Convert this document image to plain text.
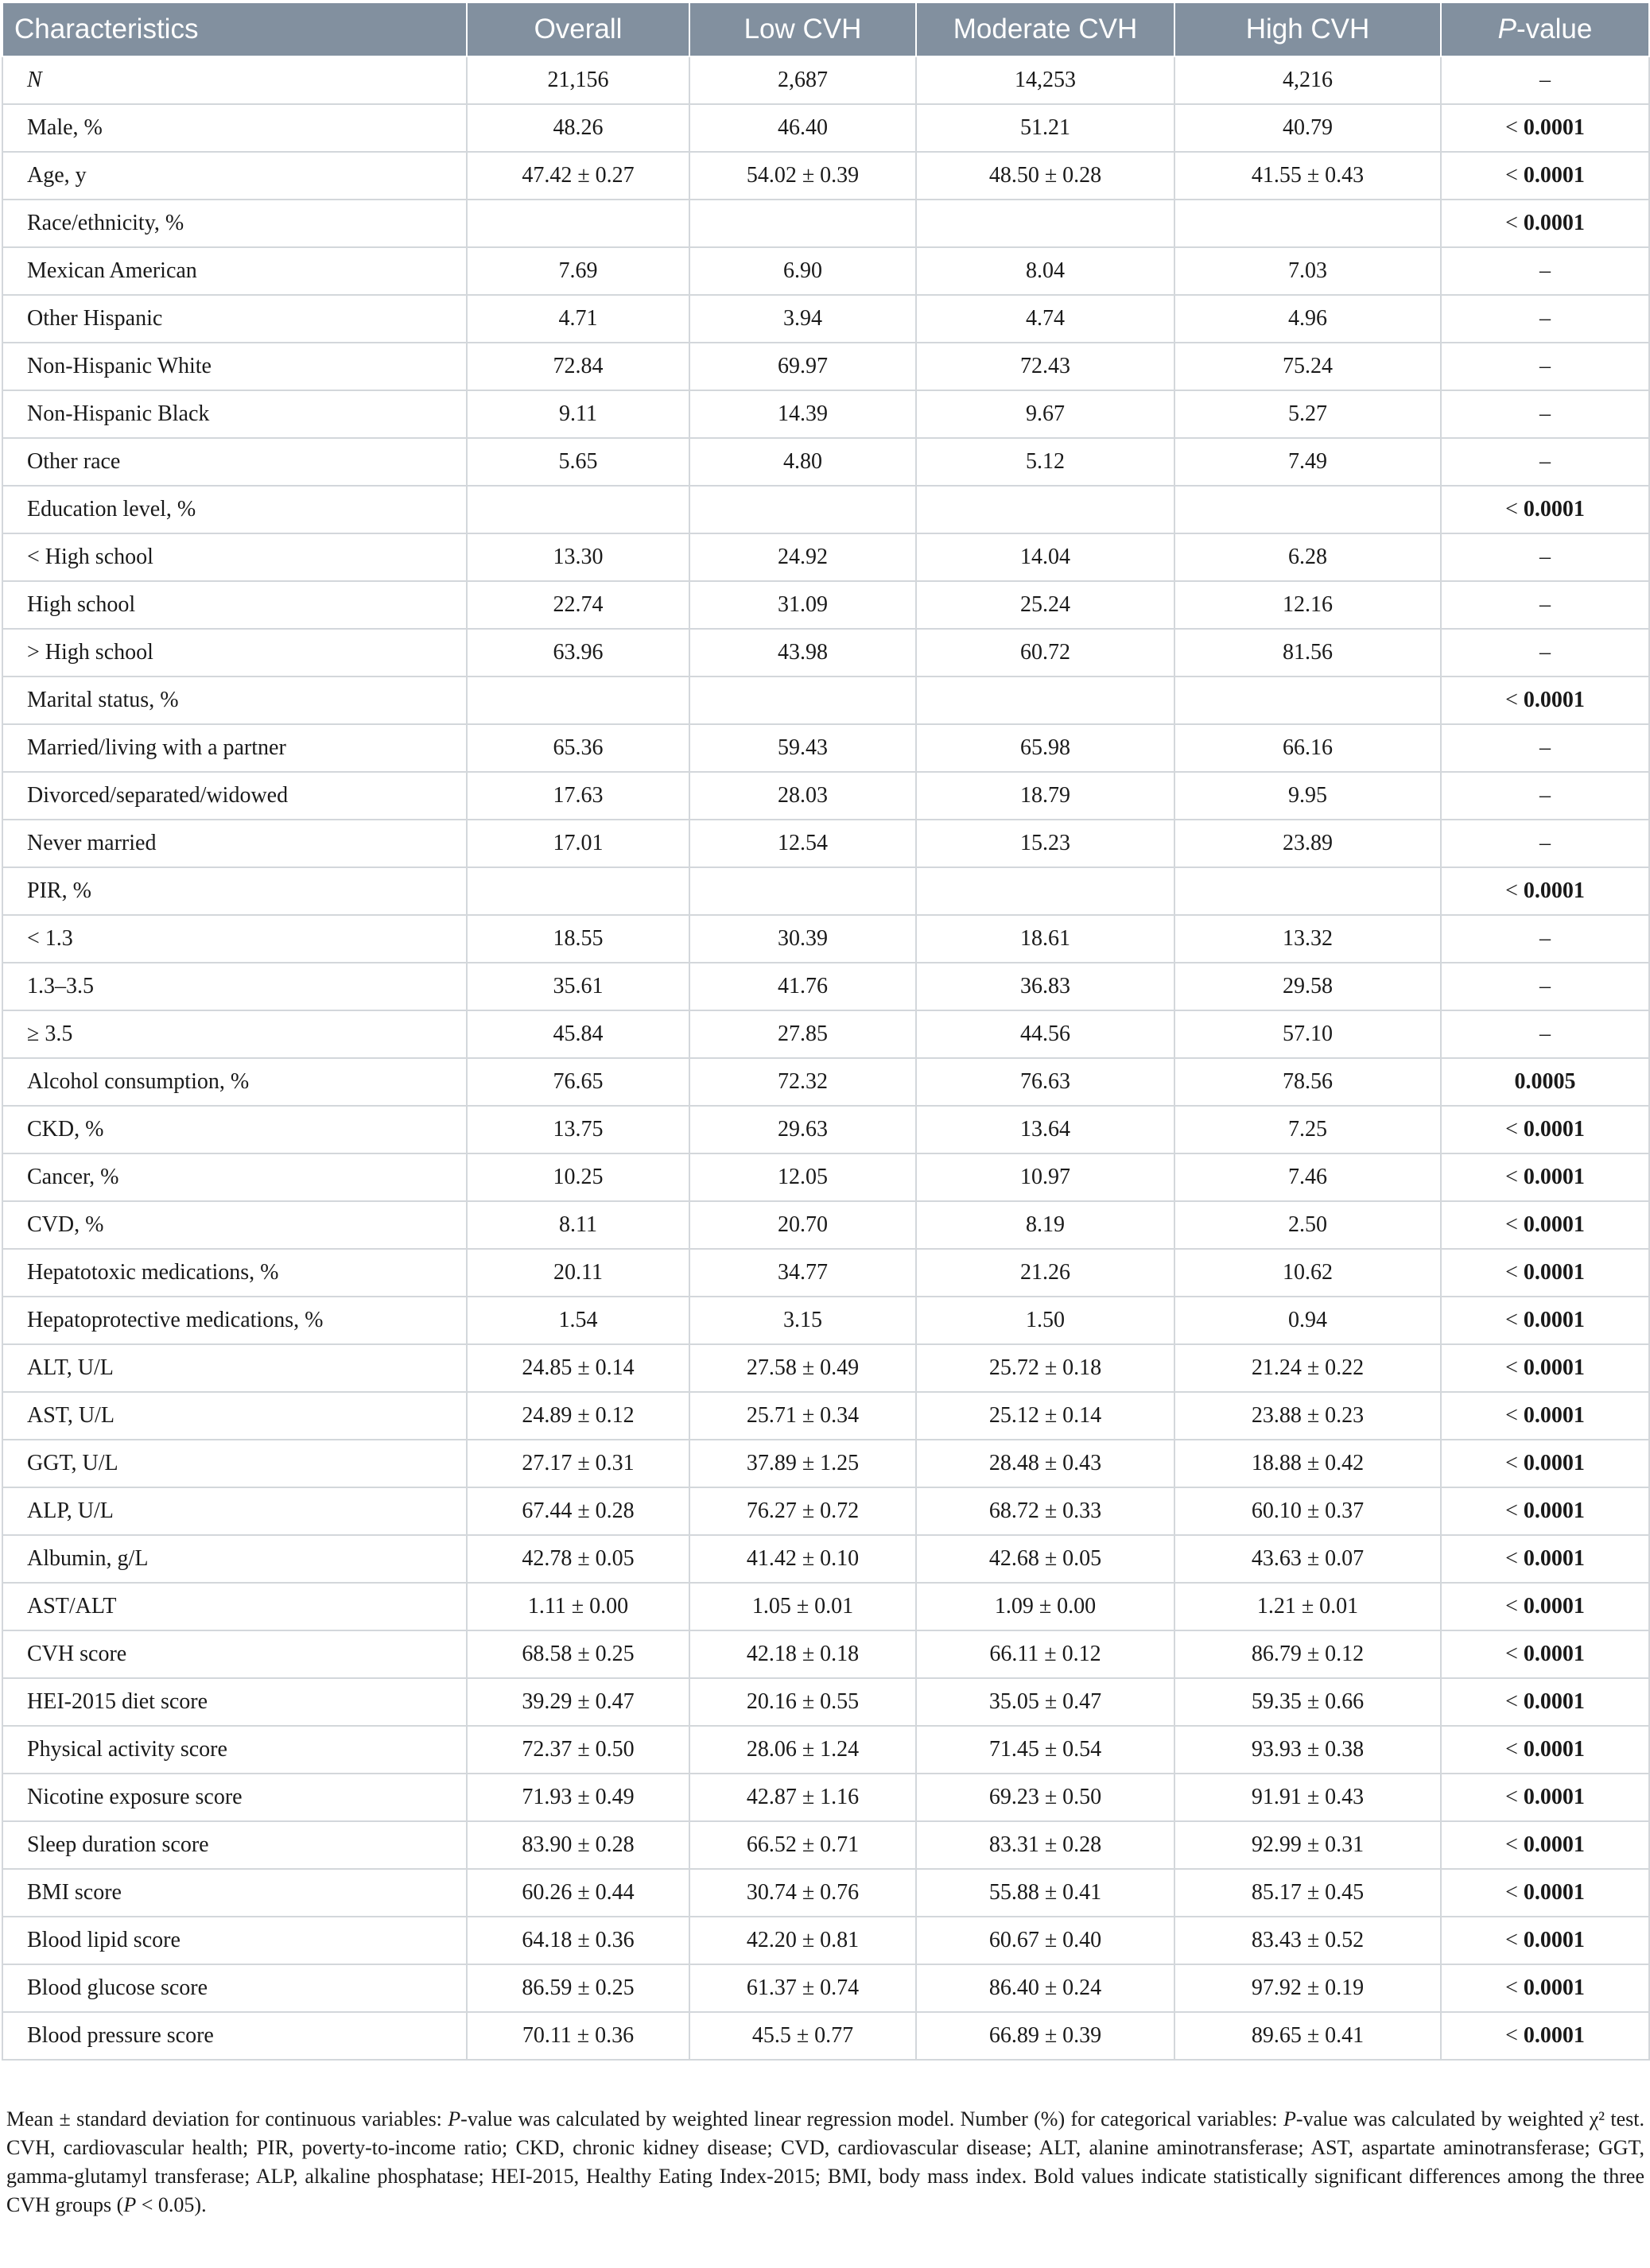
Characteristics	Overall	Low CVH	Moderate CVH	High CVH	P-value
N	21,156	2,687	14,253	4,216	–
Male, %	48.26	46.40	51.21	40.79	< 0.0001
Age, y	47.42 ± 0.27	54.02 ± 0.39	48.50 ± 0.28	41.55 ± 0.43	< 0.0001
Race/ethnicity, %					< 0.0001
Mexican American	7.69	6.90	8.04	7.03	–
Other Hispanic	4.71	3.94	4.74	4.96	–
Non-Hispanic White	72.84	69.97	72.43	75.24	–
Non-Hispanic Black	9.11	14.39	9.67	5.27	–
Other race	5.65	4.80	5.12	7.49	–
Education level, %					< 0.0001
< High school	13.30	24.92	14.04	6.28	–
High school	22.74	31.09	25.24	12.16	–
> High school	63.96	43.98	60.72	81.56	–
Marital status, %					< 0.0001
Married/living with a partner	65.36	59.43	65.98	66.16	–
Divorced/separated/widowed	17.63	28.03	18.79	9.95	–
Never married	17.01	12.54	15.23	23.89	–
PIR, %					< 0.0001
< 1.3	18.55	30.39	18.61	13.32	–
1.3–3.5	35.61	41.76	36.83	29.58	–
≥ 3.5	45.84	27.85	44.56	57.10	–
Alcohol consumption, %	76.65	72.32	76.63	78.56	0.0005
CKD, %	13.75	29.63	13.64	7.25	< 0.0001
Cancer, %	10.25	12.05	10.97	7.46	< 0.0001
CVD, %	8.11	20.70	8.19	2.50	< 0.0001
Hepatotoxic medications, %	20.11	34.77	21.26	10.62	< 0.0001
Hepatoprotective medications, %	1.54	3.15	1.50	0.94	< 0.0001
ALT, U/L	24.85 ± 0.14	27.58 ± 0.49	25.72 ± 0.18	21.24 ± 0.22	< 0.0001
AST, U/L	24.89 ± 0.12	25.71 ± 0.34	25.12 ± 0.14	23.88 ± 0.23	< 0.0001
GGT, U/L	27.17 ± 0.31	37.89 ± 1.25	28.48 ± 0.43	18.88 ± 0.42	< 0.0001
ALP, U/L	67.44 ± 0.28	76.27 ± 0.72	68.72 ± 0.33	60.10 ± 0.37	< 0.0001
Albumin, g/L	42.78 ± 0.05	41.42 ± 0.10	42.68 ± 0.05	43.63 ± 0.07	< 0.0001
AST/ALT	1.11 ± 0.00	1.05 ± 0.01	1.09 ± 0.00	1.21 ± 0.01	< 0.0001
CVH score	68.58 ± 0.25	42.18 ± 0.18	66.11 ± 0.12	86.79 ± 0.12	< 0.0001
HEI-2015 diet score	39.29 ± 0.47	20.16 ± 0.55	35.05 ± 0.47	59.35 ± 0.66	< 0.0001
Physical activity score	72.37 ± 0.50	28.06 ± 1.24	71.45 ± 0.54	93.93 ± 0.38	< 0.0001
Nicotine exposure score	71.93 ± 0.49	42.87 ± 1.16	69.23 ± 0.50	91.91 ± 0.43	< 0.0001
Sleep duration score	83.90 ± 0.28	66.52 ± 0.71	83.31 ± 0.28	92.99 ± 0.31	< 0.0001
BMI score	60.26 ± 0.44	30.74 ± 0.76	55.88 ± 0.41	85.17 ± 0.45	< 0.0001
Blood lipid score	64.18 ± 0.36	42.20 ± 0.81	60.67 ± 0.40	83.43 ± 0.52	< 0.0001
Blood glucose score	86.59 ± 0.25	61.37 ± 0.74	86.40 ± 0.24	97.92 ± 0.19	< 0.0001
Blood pressure score	70.11 ± 0.36	45.5 ± 0.77	66.89 ± 0.39	89.65 ± 0.41	< 0.0001
Mean ± standard deviation for continuous variables: P-value was calculated by weighted linear regression model. Number (%) for categorical variables: P-value was calculated by weighted χ² test. CVH, cardiovascular health; PIR, poverty-to-income ratio; CKD, chronic kidney disease; CVD, cardiovascular disease; ALT, alanine aminotransferase; AST, aspartate aminotransferase; GGT, gamma-glutamyl transferase; ALP, alkaline phosphatase; HEI-2015, Healthy Eating Index-2015; BMI, body mass index. Bold values indicate statistically significant differences among the three CVH groups (P < 0.05).
